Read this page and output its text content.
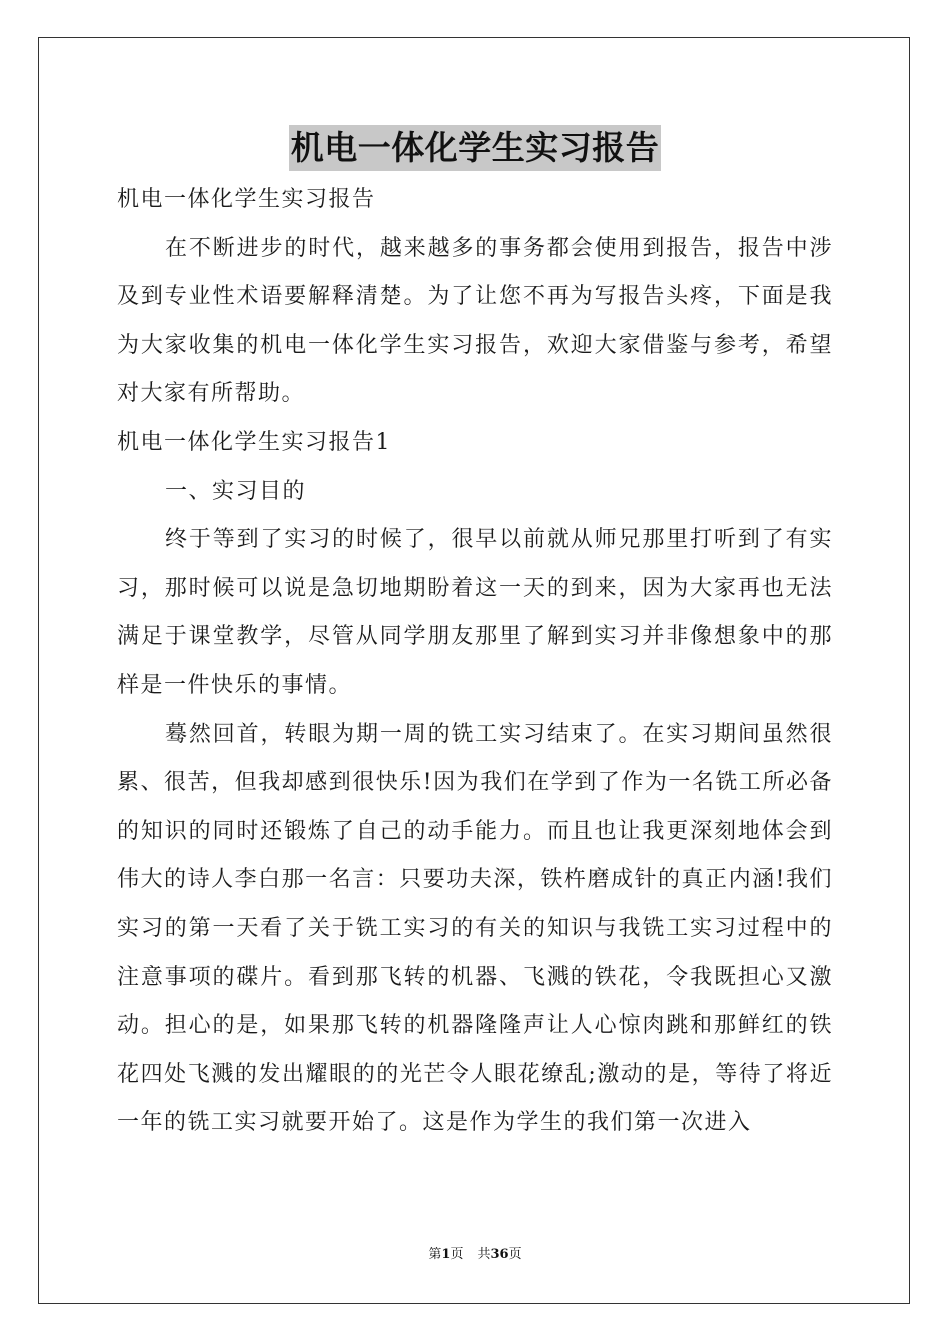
机电一体化学生实习报告

机电一体化学生实习报告

在不断进步的时代，越来越多的事务都会使用到报告，报告中涉及到专业性术语要解释清楚。为了让您不再为写报告头疼，下面是我为大家收集的机电一体化学生实习报告，欢迎大家借鉴与参考，希望对大家有所帮助。

机电一体化学生实习报告1

一、实习目的

终于等到了实习的时候了，很早以前就从师兄那里打听到了有实习，那时候可以说是急切地期盼着这一天的到来，因为大家再也无法满足于课堂教学，尽管从同学朋友那里了解到实习并非像想象中的那样是一件快乐的事情。

蓦然回首，转眼为期一周的铣工实习结束了。在实习期间虽然很累、很苦，但我却感到很快乐!因为我们在学到了作为一名铣工所必备的知识的同时还锻炼了自己的动手能力。而且也让我更深刻地体会到伟大的诗人李白那一名言：只要功夫深，铁杵磨成针的真正内涵!我们实习的第一天看了关于铣工实习的有关的知识与我铣工实习过程中的注意事项的碟片。看到那飞转的机器、飞溅的铁花，令我既担心又激动。担心的是，如果那飞转的机器隆隆声让人心惊肉跳和那鲜红的铁花四处飞溅的发出耀眼的的光芒令人眼花缭乱;激动的是，等待了将近一年的铣工实习就要开始了。这是作为学生的我们第一次进入

第1页 共36页
